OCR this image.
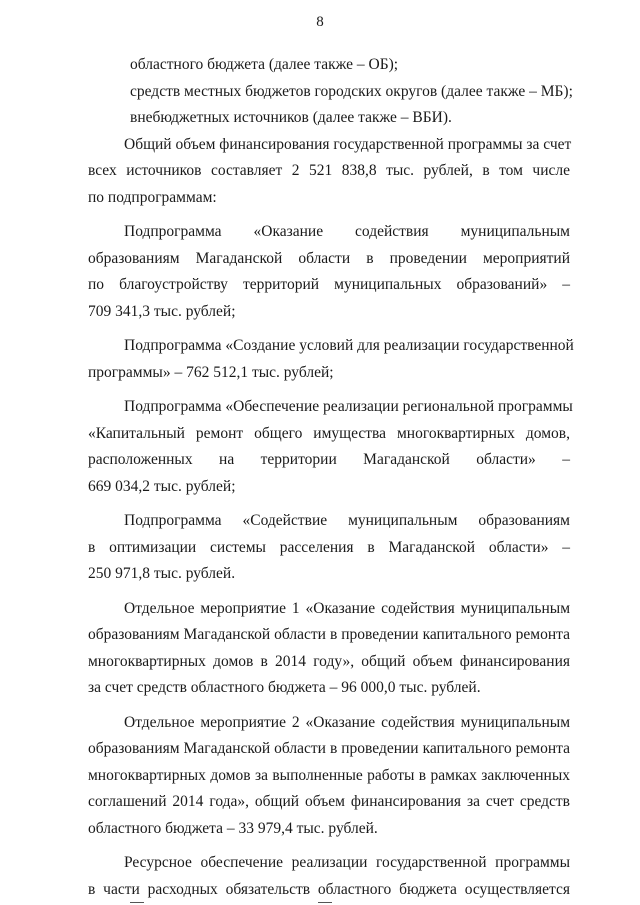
8
областного бюджета (далее также – ОБ);
средств местных бюджетов городских округов (далее также – МБ);
внебюджетных источников (далее также – ВБИ).
Общий объем финансирования государственной программы за счет
всех источников составляет 2 521 838,8 тыс. рублей, в том числе
по подпрограммам:
Подпрограмма «Оказание содействия муниципальным
образованиям Магаданской области в проведении мероприятий
по благоустройству территорий муниципальных образований» –
709 341,3 тыс. рублей;
Подпрограмма «Создание условий для реализации государственной
программы» – 762 512,1 тыс. рублей;
Подпрограмма «Обеспечение реализации региональной программы
«Капитальный ремонт общего имущества многоквартирных домов,
расположенных на территории Магаданской области» –
669 034,2 тыс. рублей;
Подпрограмма «Содействие муниципальным образованиям
в оптимизации системы расселения в Магаданской области» –
250 971,8 тыс. рублей.
Отдельное мероприятие 1 «Оказание содействия муниципальным
образованиям Магаданской области в проведении капитального ремонта
многоквартирных домов в 2014 году», общий объем финансирования
за счет средств областного бюджета – 96 000,0 тыс. рублей.
Отдельное мероприятие 2 «Оказание содействия муниципальным
образованиям Магаданской области в проведении капитального ремонта
многоквартирных домов за выполненные работы в рамках заключенных
соглашений 2014 года», общий объем финансирования за счет средств
областного бюджета – 33 979,4 тыс. рублей.
Ресурсное обеспечение реализации государственной программы
в части расходных обязательств областного бюджета осуществляется
